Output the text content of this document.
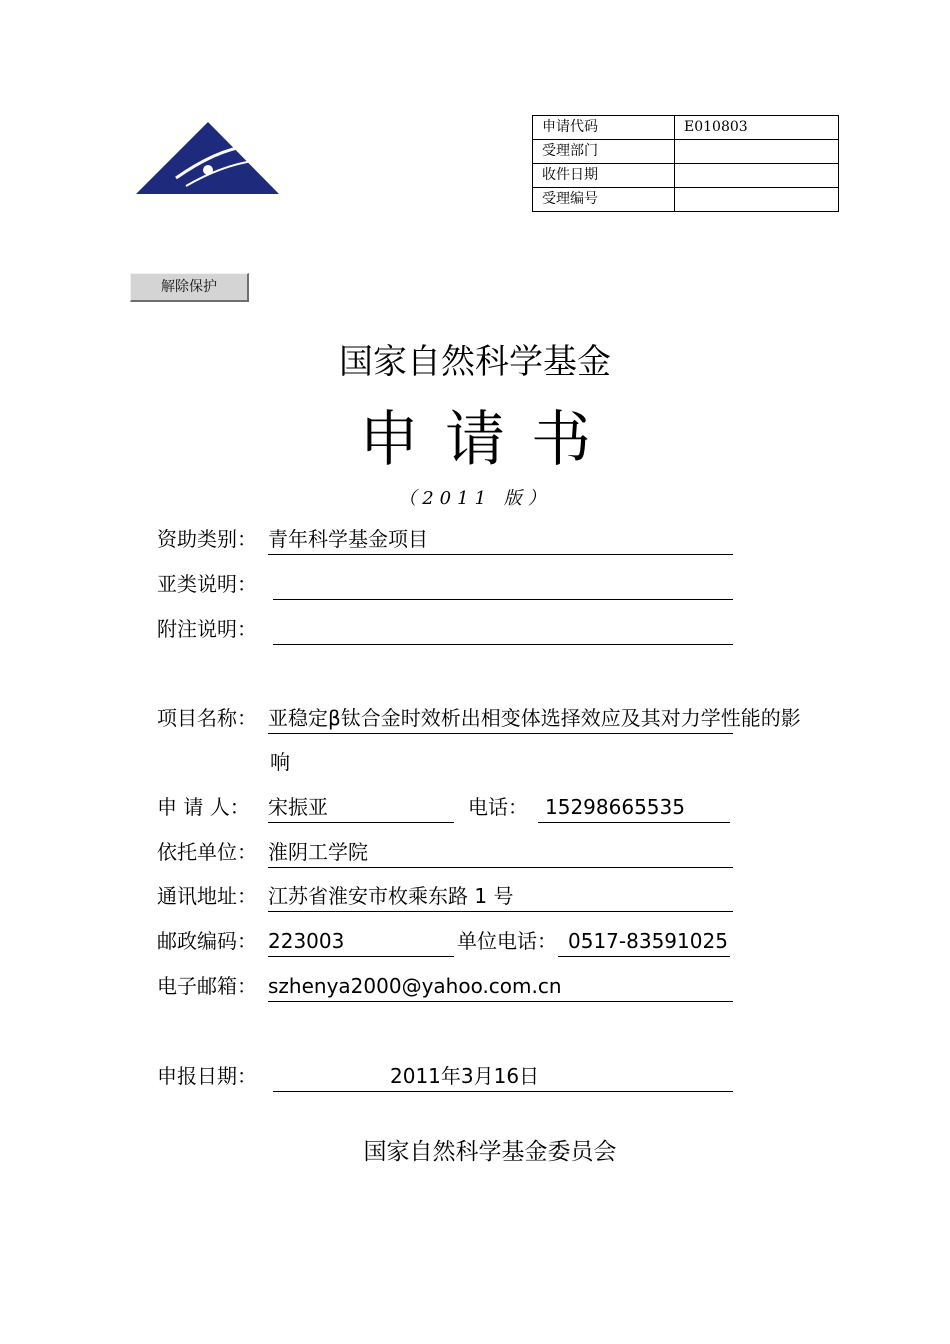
申请代码	E010803
受理部门	
收件日期	
受理编号	
解除保护
国家自然科学基金
申请书
（2011 版）
资助类别： 青年科学基金项目
亚类说明：
附注说明：
项目名称： 亚稳定β钛合金时效析出相变体选择效应及其对力学性能的影
响
申 请 人： 宋振亚	电话： 15298665535
依托单位： 淮阴工学院
通讯地址： 江苏省淮安市枚乘东路 1 号
邮政编码： 223003	单位电话： 0517-83591025
电子邮箱： szhenya2000@yahoo.com.cn
申报日期：	2011年3月16日
国家自然科学基金委员会
